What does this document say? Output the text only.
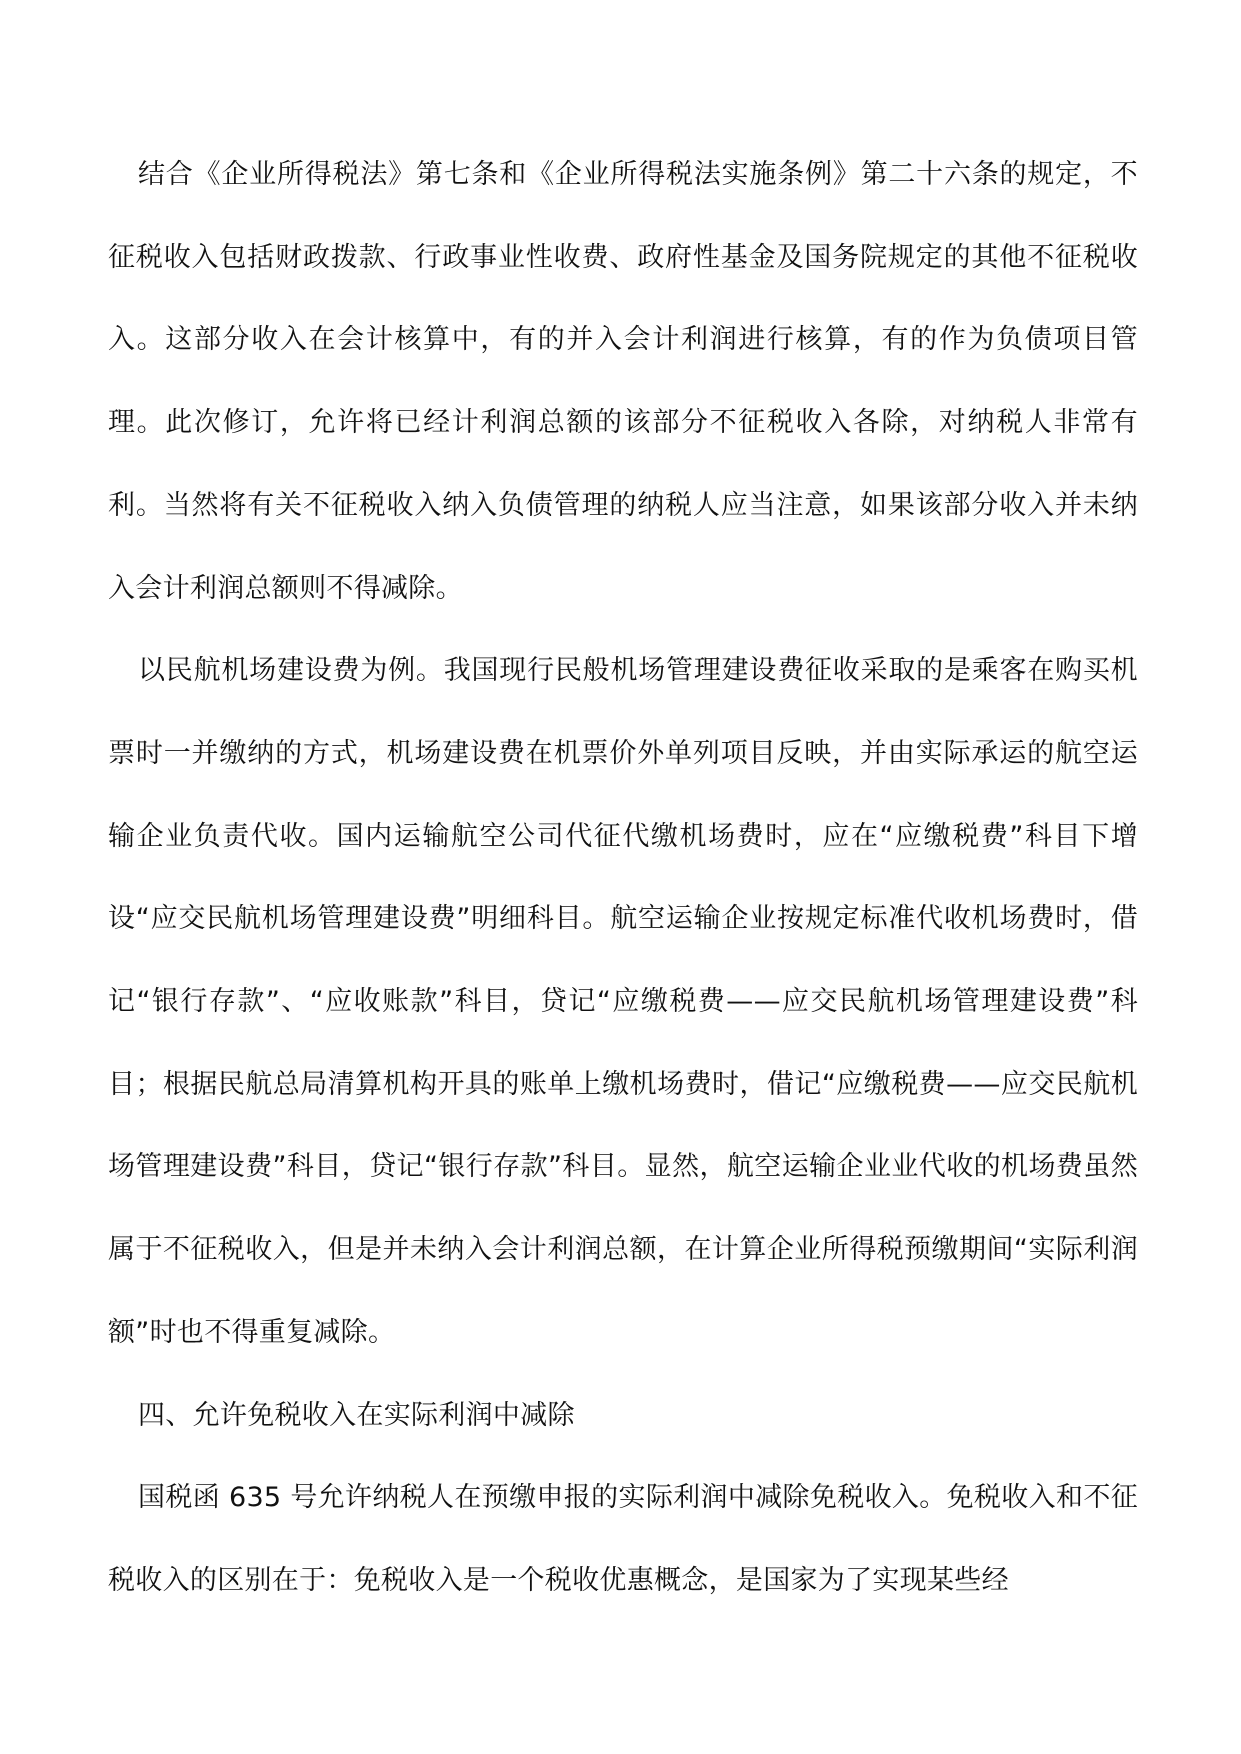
结合《企业所得税法》第七条和《企业所得税法实施条例》第二十六条的规定，不征税收入包括财政拨款、行政事业性收费、政府性基金及国务院规定的其他不征税收入。这部分收入在会计核算中，有的并入会计利润进行核算，有的作为负债项目管理。此次修订，允许将已经计利润总额的该部分不征税收入各除，对纳税人非常有利。当然将有关不征税收入纳入负债管理的纳税人应当注意，如果该部分收入并未纳入会计利润总额则不得减除。

以民航机场建设费为例。我国现行民般机场管理建设费征收采取的是乘客在购买机票时一并缴纳的方式，机场建设费在机票价外单列项目反映，并由实际承运的航空运输企业负责代收。国内运输航空公司代征代缴机场费时，应在“应缴税费”科目下增设“应交民航机场管理建设费”明细科目。航空运输企业按规定标准代收机场费时，借记“银行存款”、“应收账款”科目，贷记“应缴税费——应交民航机场管理建设费”科目；根据民航总局清算机构开具的账单上缴机场费时，借记“应缴税费——应交民航机场管理建设费”科目，贷记“银行存款”科目。显然，航空运输企业业代收的机场费虽然属于不征税收入，但是并未纳入会计利润总额，在计算企业所得税预缴期间“实际利润额”时也不得重复减除。

四、允许免税收入在实际利润中减除

国税函 635 号允许纳税人在预缴申报的实际利润中减除免税收入。免税收入和不征税收入的区别在于：免税收入是一个税收优惠概念，是国家为了实现某些经
